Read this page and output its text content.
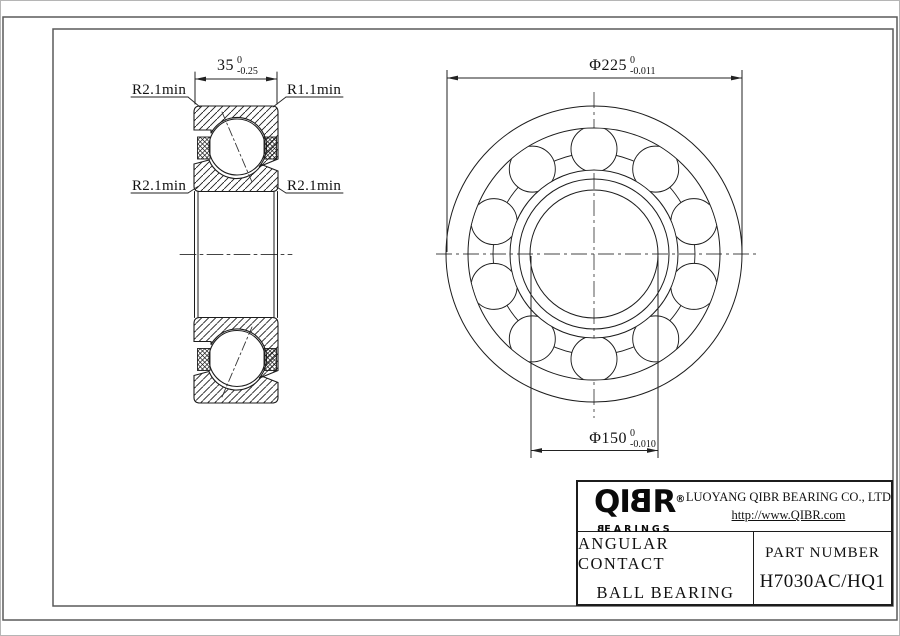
35 0
-0.25
R2.1min	R1.1min
R2.1min	R2.1min
Φ225 0
-0.011
Φ150 0
-0.010
QIBR®
BEARINGS
LUOYANG QIBR BEARING CO., LTD
http://www.QIBR.com
ANGULAR CONTACT
BALL BEARING
PART NUMBER
H7030AC/HQ1
